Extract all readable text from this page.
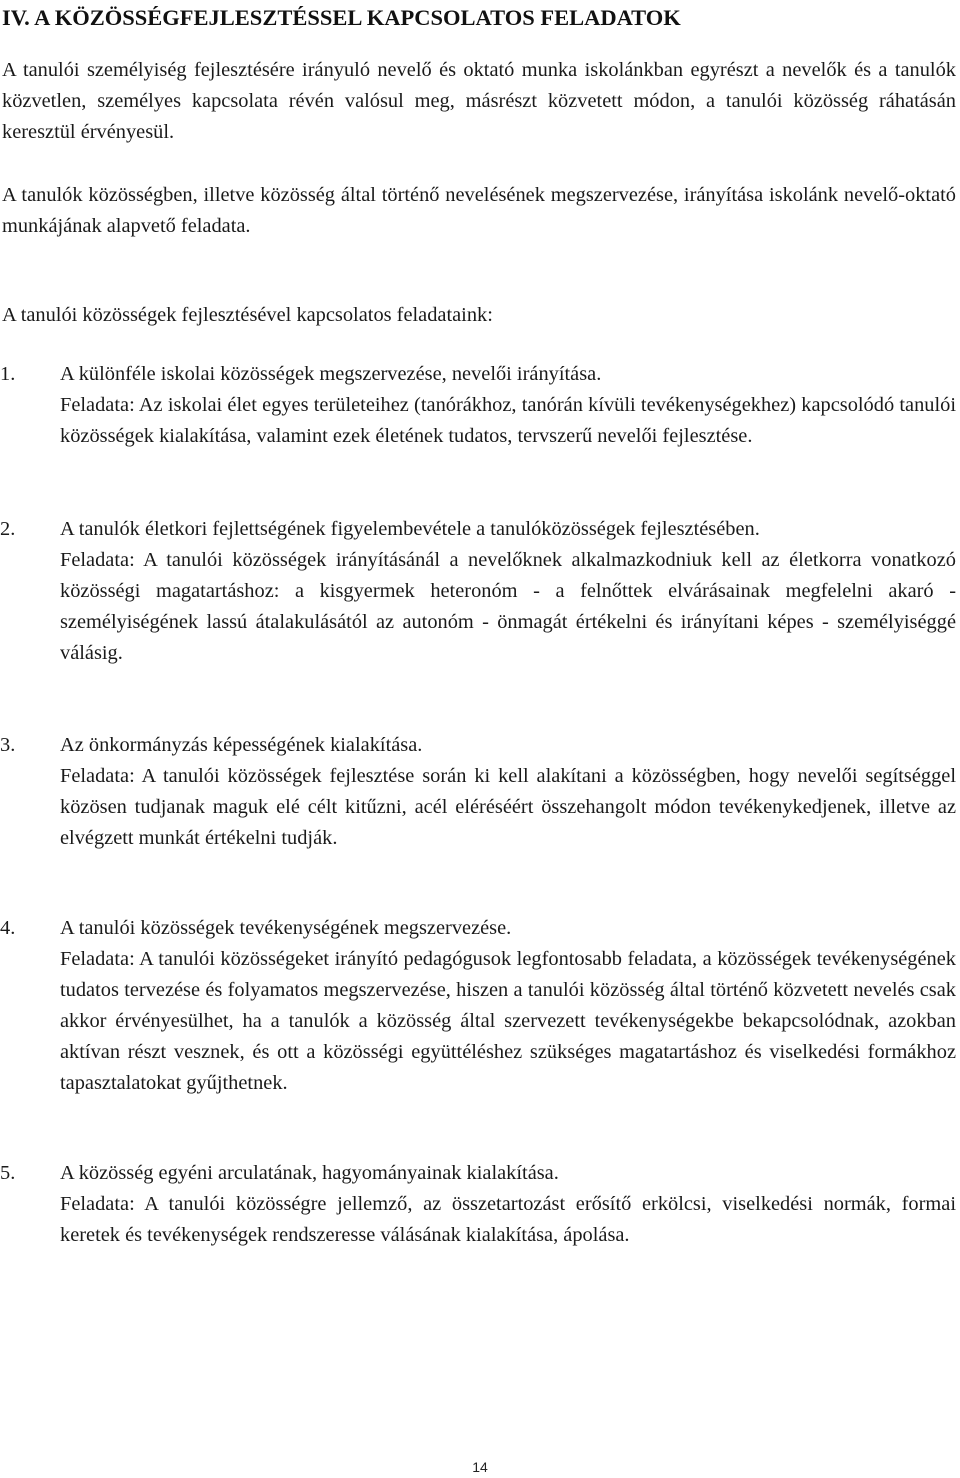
IV. A KÖZÖSSÉGFEJLESZTÉSSEL KAPCSOLATOS FELADATOK

A tanulói személyiség fejlesztésére irányuló nevelő és oktató munka iskolánkban egyrészt a nevelők és a tanulók közvetlen, személyes kapcsolata révén valósul meg, másrészt közvetett módon, a tanulói közösség ráhatásán keresztül érvényesül.

A tanulók közösségben, illetve közösség által történő nevelésének megszervezése, irányítása iskolánk nevelő-oktató munkájának alapvető feladata.

A tanulói közösségek fejlesztésével kapcsolatos feladataink:

1.	A különféle iskolai közösségek megszervezése, nevelői irányítása.
Feladata: Az iskolai élet egyes területeihez (tanórákhoz, tanórán kívüli tevékenységekhez) kapcsolódó tanulói közösségek kialakítása, valamint ezek életének tudatos, tervszerű nevelői fejlesztése.
2.	A tanulók életkori fejlettségének figyelembevétele a tanulóközösségek fejlesztésében.
Feladata: A tanulói közösségek irányításánál a nevelőknek alkalmazkodniuk kell az életkorra vonatkozó közösségi magatartáshoz: a kisgyermek heteronóm - a felnőttek elvárásainak megfelelni akaró - személyiségének lassú átalakulásától az autonóm - önmagát értékelni és irányítani képes - személyiséggé válásig.
3.	Az önkormányzás képességének kialakítása.
Feladata: A tanulói közösségek fejlesztése során ki kell alakítani a közösségben, hogy nevelői segítséggel közösen tudjanak maguk elé célt kitűzni, acél eléréséért összehangolt módon tevékenykedjenek, illetve az elvégzett munkát értékelni tudják.
4.	A tanulói közösségek tevékenységének megszervezése.
Feladata: A tanulói közösségeket irányító pedagógusok legfontosabb feladata, a közösségek tevékenységének tudatos tervezése és folyamatos megszervezése, hiszen a tanulói közösség által történő közvetett nevelés csak akkor érvényesülhet, ha a tanulók a közösség által szervezett tevékenységekbe bekapcsolódnak, azokban aktívan részt vesznek, és ott a közösségi együttéléshez szükséges magatartáshoz és viselkedési formákhoz tapasztalatokat gyűjthetnek.
5.	A közösség egyéni arculatának, hagyományainak kialakítása.
Feladata: A tanulói közösségre jellemző, az összetartozást erősítő erkölcsi, viselkedési normák, formai keretek és tevékenységek rendszeresse válásának kialakítása, ápolása.
14
